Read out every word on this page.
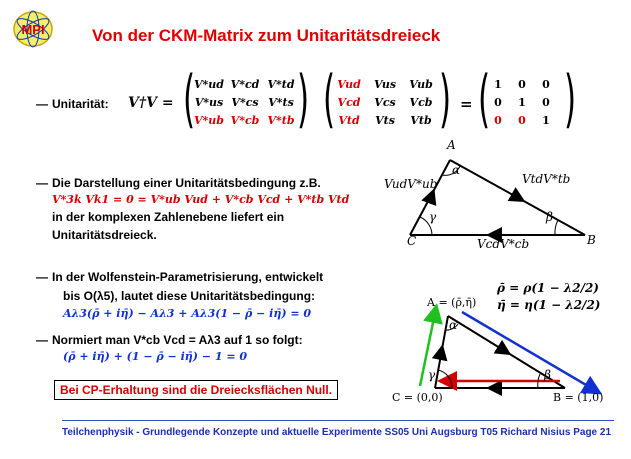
MPI	Von der CKM-Matrix zum Unitaritätsdreieck
— Unitarität: V†V = ( )
V*ud V*cd V*td
V*us V*cs V*ts
V*ub V*cb V*tb ( )
Vud	Vus	Vub
Vcd	Vcs	Vcb
Vtd	Vts	Vtb
= ( )
1	0	0
0	1	0
0	0	1
— Die Darstellung einer Unitaritätsbedingung z.B.
V*3k Vk1 = 0 = V*ub Vud + V*cb Vcd + V*tb Vtd
in der komplexen Zahlenebene liefert ein
Unitaritätsdreieck.
— In der Wolfenstein-Parametrisierung, entwickelt
bis O(λ5), lautet diese Unitaritätsbedingung:
Aλ3(ρ̄ + iη̄) − Aλ3 + Aλ3(1 − ρ̄ − iη̄) = 0
— Normiert man V*cb Vcd = Aλ3 auf 1 so folgt:
(ρ̄ + iη̄) + (1 − ρ̄ − iη̄) − 1 = 0
Bei CP-Erhaltung sind die Dreiecksflächen Null.
A
C	B
VudV*ub	VtdV*tb
VcdV*cb
α
γ	β
ρ̄ = ρ(1 − λ2/2)
η̄ = η(1 − λ2/2)
A = (ρ̄,η̄)
C = (0,0)	B = (1,0)
α
γ	β
Teilchenphysik - Grundlegende Konzepte und aktuelle Experimente SS05 Uni Augsburg T05 Richard Nisius Page 21
